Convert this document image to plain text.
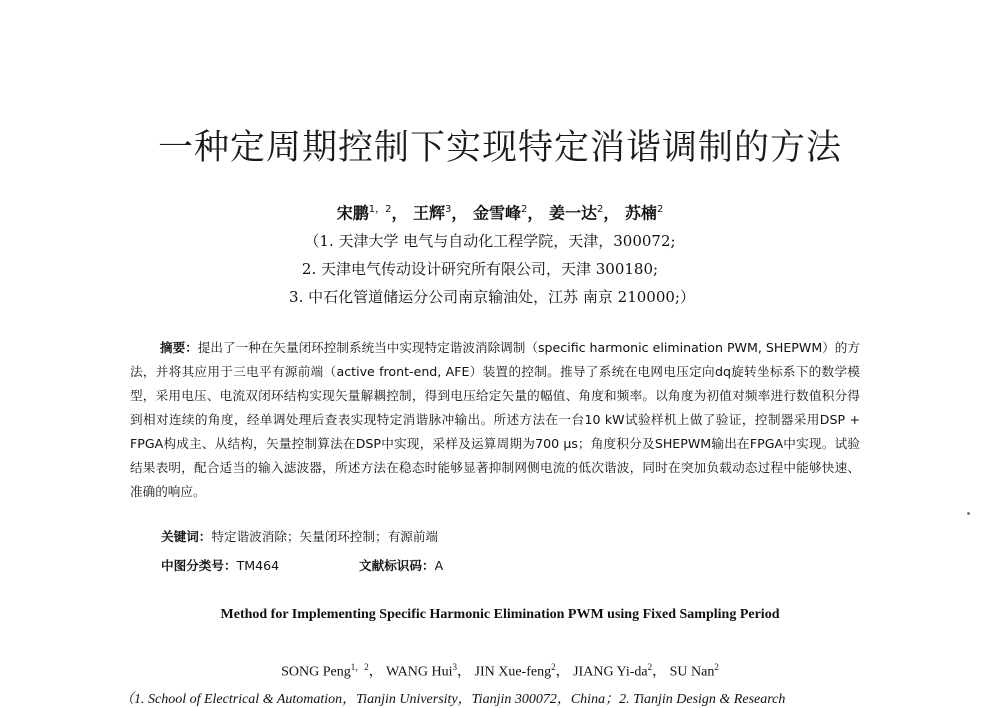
一种定周期控制下实现特定消谐调制的方法
宋鹏$^{1,2}$， 王辉$^3$， 金雪峰$^2$， 姜一达$^2$， 苏楠$^2$
（1. 天津大学 电气与自动化工程学院，天津，300072;
2. 天津电气传动设计研究所有限公司，天津 300180;
3. 中石化管道储运分公司南京输油处，江苏 南京 210000;）
摘要：提出了一种在矢量闭环控制系统当中实现特定谐波消除调制（specific harmonic elimination PWM, SHEPWM）的方法，并将其应用于三电平有源前端（active front-end, AFE）装置的控制。推导了系统在电网电压定向dq旋转坐标系下的数学模型，采用电压、电流双闭环结构实现矢量解耦控制，得到电压给定矢量的幅值、角度和频率。以角度为初值对频率进行数值积分得到相对连续的角度，经单调处理后查表实现特定消谐脉冲输出。所述方法在一台10 kW试验样机上做了验证，控制器采用DSP + FPGA构成主、从结构，矢量控制算法在DSP中实现，采样及运算周期为700 μs；角度积分及SHEPWM输出在FPGA中实现。试验结果表明，配合适当的输入滤波器，所述方法在稳态时能够显著抑制网侧电流的低次谐波，同时在突加负载动态过程中能够快速、准确的响应。
关键词：特定谐波消除；矢量闭环控制；有源前端
中图分类号：TM464	文献标识码：A
Method for Implementing Specific Harmonic Elimination PWM using Fixed Sampling Period
SONG Peng$^{1,2}$， WANG Hui$^3$， JIN Xue-feng$^2$， JIANG $Yi-da^2$， SU Nan$^2$
（1. School of Electrical & Automation，Tianjin University，Tianjin 300072，China；2. Tianjin Design & Research
